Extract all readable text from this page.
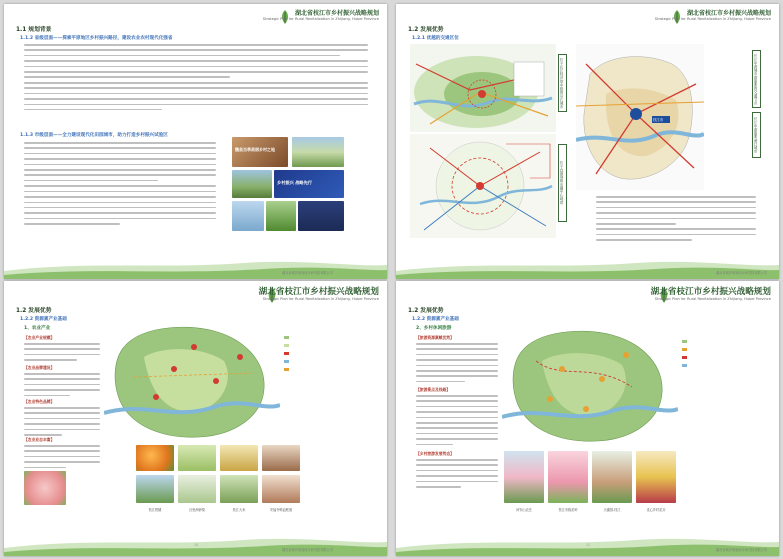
湖北省枝江市乡村振兴战略规划
Strategic Plan for Rural Revitalization in Zhijiang, Hubei Province
1.1 规划背景
1.1.2 省级层面——探索平原地区乡村振兴路径，建设农业农村现代化强省
1.1.3 市级层面——全力建设现代化田园城市，助力打造乡村振兴试验区
魏县当季美丽乡村之地
乡村振兴 战略先行
湖北省城乡规划设计研究院有限公司
湖北省枝江市乡村振兴战略规划
Strategic Plan for Rural Revitalization in Zhijiang, Hubei Province
1.2 发展优势
1.2.1 优越的交通区位
位于长江经济带中段的沿江城市
位于宜荆荆都市圈中心地带
枝江市
长江中游城市群重要的交通节点
长江中游重要港口城市
湖北省城乡规划设计研究院有限公司
湖北省枝江市乡村振兴战略规划
Strategic Plan for Rural Revitalization in Zhijiang, Hubei Province
1.2 发展优势
1.2.2 资源禀产业基础
1、农业产业
【农业产业规模】
【农业品牌建设】
【农业特色品牌】
【农业业态丰富】
枝江柑橘	百里洲砂梨	枝江大米	安福寺鸭血粑面
10
湖北省城乡规划设计研究院有限公司
湖北省枝江市乡村振兴战略规划
Strategic Plan for Rural Revitalization in Zhijiang, Hubei Province
1.2 发展优势
1.2.2 资源禀产业基础
2、乡村休闲旅游
【旅游资源禀赋优势】
【旅游景点及线路】
【乡村旅游发展势态】
问安山农庄	枝江市桃花岭	天湖园-枝江	灵心乡村花卉
11
湖北省城乡规划设计研究院有限公司
